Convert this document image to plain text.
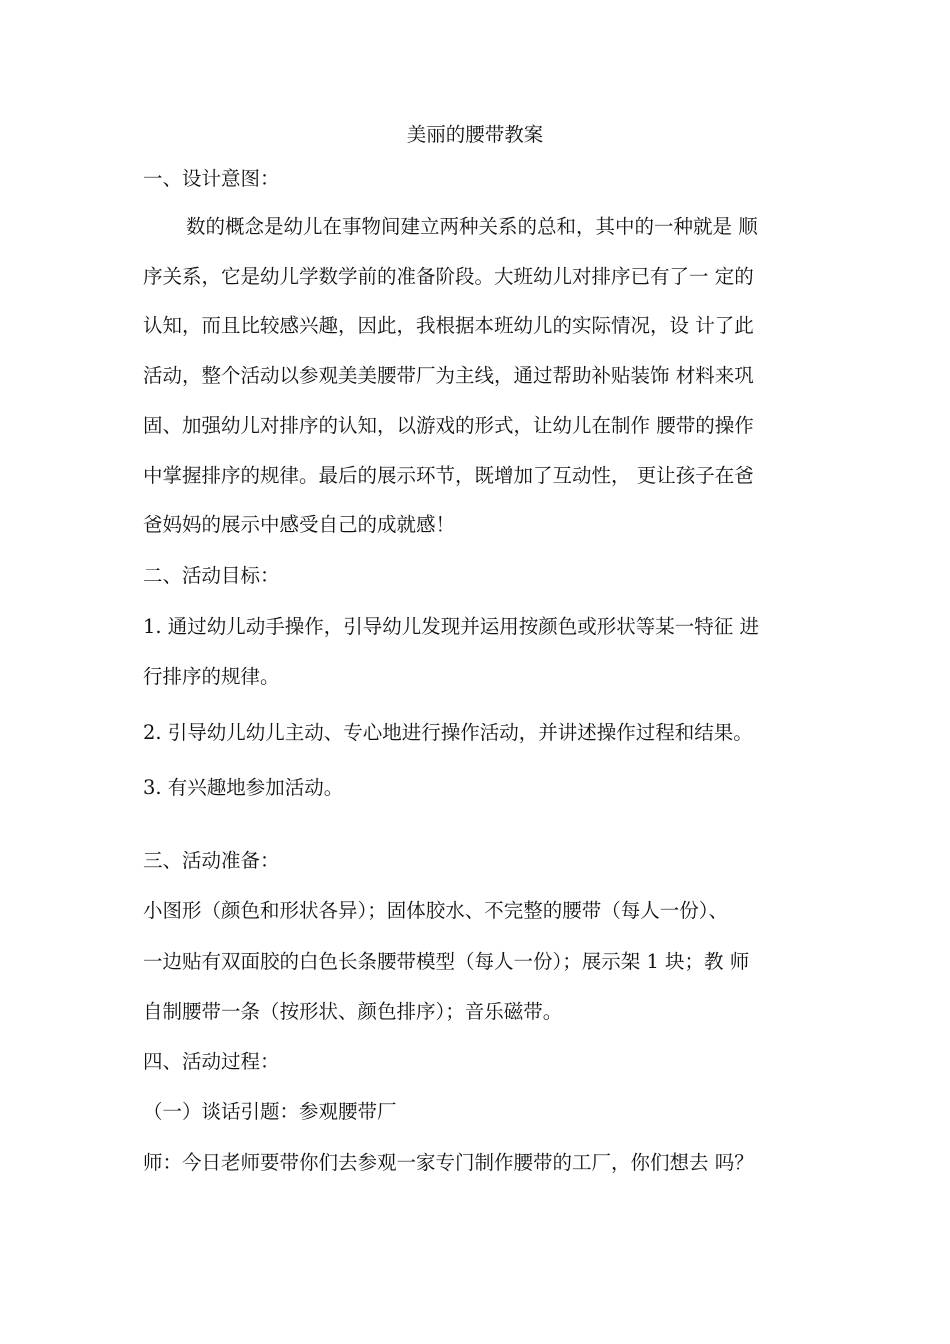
美丽的腰带教案
一、设计意图：
数的概念是幼儿在事物间建立两种关系的总和，其中的一种就是 顺
序关系，它是幼儿学数学前的准备阶段。大班幼儿对排序已有了一 定的
认知，而且比较感兴趣，因此，我根据本班幼儿的实际情况，设 计了此
活动，整个活动以参观美美腰带厂为主线，通过帮助补贴装饰 材料来巩
固、加强幼儿对排序的认知，以游戏的形式，让幼儿在制作 腰带的操作
中掌握排序的规律。最后的展示环节，既增加了互动性， 更让孩子在爸
爸妈妈的展示中感受自己的成就感！
二、活动目标：
1. 通过幼儿动手操作，引导幼儿发现并运用按颜色或形状等某一特征 进
行排序的规律。
2. 引导幼儿幼儿主动、专心地进行操作活动，并讲述操作过程和结果。
3. 有兴趣地参加活动。
三、活动准备：
小图形（颜色和形状各异）；固体胶水、不完整的腰带（每人一份）、
一边贴有双面胶的白色长条腰带模型（每人一份）；展示架 1 块；教 师
自制腰带一条（按形状、颜色排序）；音乐磁带。
四、活动过程：
（一）谈话引题：参观腰带厂
师：今日老师要带你们去参观一家专门制作腰带的工厂，你们想去 吗？
